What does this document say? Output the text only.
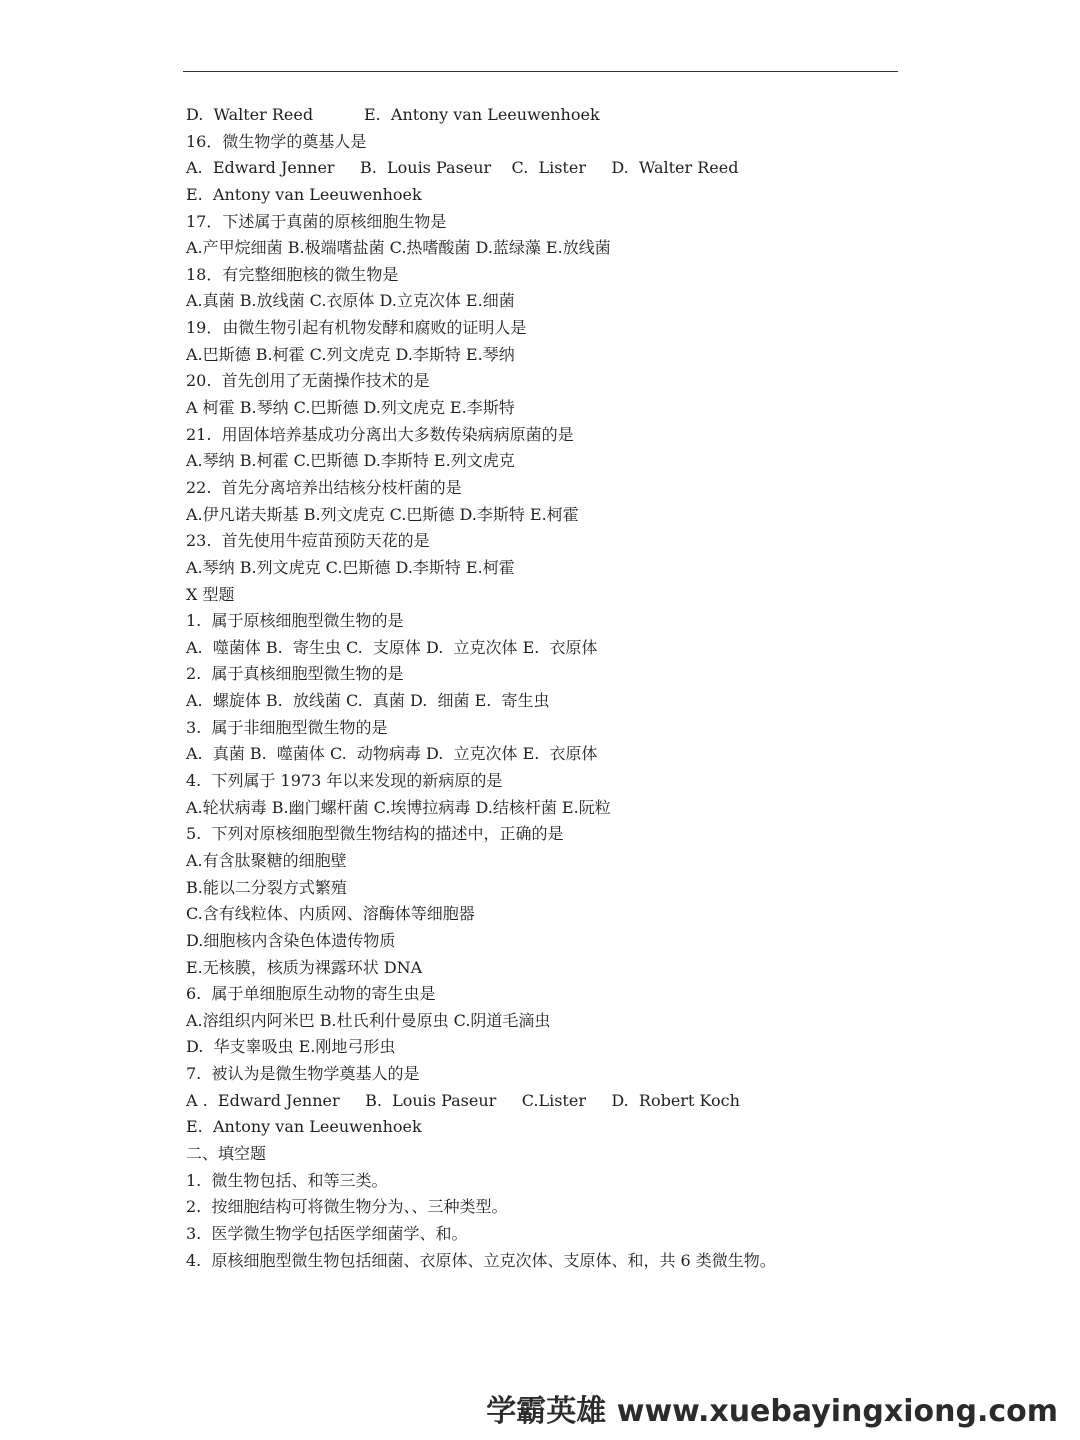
D.  Walter Reed          E.  Antony van Leeuwenhoek
16．微生物学的奠基人是
A.  Edward Jenner     B.  Louis Paseur    C.  Lister     D.  Walter Reed
E.  Antony van Leeuwenhoek
17．下述属于真菌的原核细胞生物是
A.产甲烷细菌 B.极端嗜盐菌 C.热嗜酸菌 D.蓝绿藻 E.放线菌
18．有完整细胞核的微生物是
A.真菌 B.放线菌 C.衣原体 D.立克次体 E.细菌
19．由微生物引起有机物发酵和腐败的证明人是
A.巴斯德 B.柯霍 C.列文虎克 D.李斯特 E.琴纳
20.  首先创用了无菌操作技术的是
A 柯霍 B.琴纳 C.巴斯德 D.列文虎克 E.李斯特
21.  用固体培养基成功分离出大多数传染病病原菌的是
A.琴纳 B.柯霍 C.巴斯德 D.李斯特 E.列文虎克
22.  首先分离培养出结核分枝杆菌的是
A.伊凡诺夫斯基 B.列文虎克 C.巴斯德 D.李斯特 E.柯霍
23.  首先使用牛痘苗预防天花的是
A.琴纳 B.列文虎克 C.巴斯德 D.李斯特 E.柯霍
X 型题
1.  属于原核细胞型微生物的是
A.  噬菌体 B.  寄生虫 C.  支原体 D.  立克次体 E.  衣原体
2.  属于真核细胞型微生物的是
A.  螺旋体 B.  放线菌 C.  真菌 D.  细菌 E.  寄生虫
3.  属于非细胞型微生物的是
A.  真菌 B.  噬菌体 C.  动物病毒 D.  立克次体 E.  衣原体
4.  下列属于 1973 年以来发现的新病原的是
A.轮状病毒 B.幽门螺杆菌 C.埃博拉病毒 D.结核杆菌 E.阮粒
5.  下列对原核细胞型微生物结构的描述中，正确的是
A.有含肽聚糖的细胞壁
B.能以二分裂方式繁殖
C.含有线粒体、内质网、溶酶体等细胞器
D.细胞核内含染色体遗传物质
E.无核膜，核质为裸露环状 DNA
6.  属于单细胞原生动物的寄生虫是
A.溶组织内阿米巴 B.杜氏利什曼原虫 C.阴道毛滴虫
D.  华支睾吸虫 E.刚地弓形虫
7.  被认为是微生物学奠基人的是
A .  Edward Jenner     B.  Louis Paseur     C.Lister     D.  Robert Koch
E.  Antony van Leeuwenhoek
二、填空题
1.  微生物包括、和等三类。
2.  按细胞结构可将微生物分为、、三种类型。
3.  医学微生物学包括医学细菌学、和。
4.  原核细胞型微生物包括细菌、衣原体、立克次体、支原体、和，共 6 类微生物。
学霸英雄 www.xuebayingxiong.com
